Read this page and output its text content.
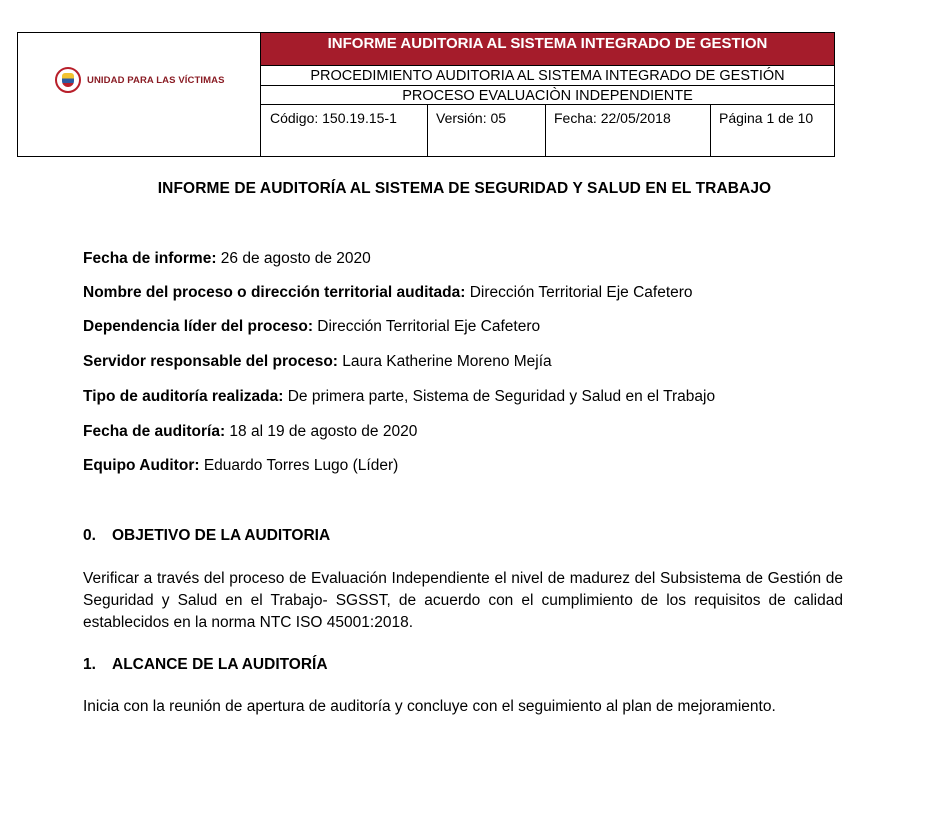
UNIDAD PARA LAS VÍCTIMAS
INFORME AUDITORIA AL SISTEMA INTEGRADO DE GESTION
PROCEDIMIENTO AUDITORIA AL SISTEMA INTEGRADO DE GESTIÓN
PROCESO EVALUACIÒN INDEPENDIENTE
Código: 150.19.15-1	Versión: 05	Fecha: 22/05/2018	Página 1 de 10
INFORME DE AUDITORÍA AL SISTEMA DE SEGURIDAD Y SALUD EN EL TRABAJO
Fecha de informe: 26 de agosto de 2020
Nombre del proceso o dirección territorial auditada: Dirección Territorial Eje Cafetero
Dependencia líder del proceso: Dirección Territorial Eje Cafetero
Servidor responsable del proceso: Laura Katherine Moreno Mejía
Tipo de auditoría realizada: De primera parte, Sistema de Seguridad y Salud en el Trabajo
Fecha de auditoría: 18 al 19 de agosto de 2020
Equipo Auditor: Eduardo Torres Lugo (Líder)
0. OBJETIVO DE LA AUDITORIA
Verificar a través del proceso de Evaluación Independiente el nivel de madurez del Subsistema de Gestión de Seguridad y Salud en el Trabajo- SGSST, de acuerdo con el cumplimiento de los requisitos de calidad establecidos en la norma NTC ISO 45001:2018.
1. ALCANCE DE LA AUDITORÍA
Inicia con la reunión de apertura de auditoría y concluye con el seguimiento al plan de mejoramiento.
